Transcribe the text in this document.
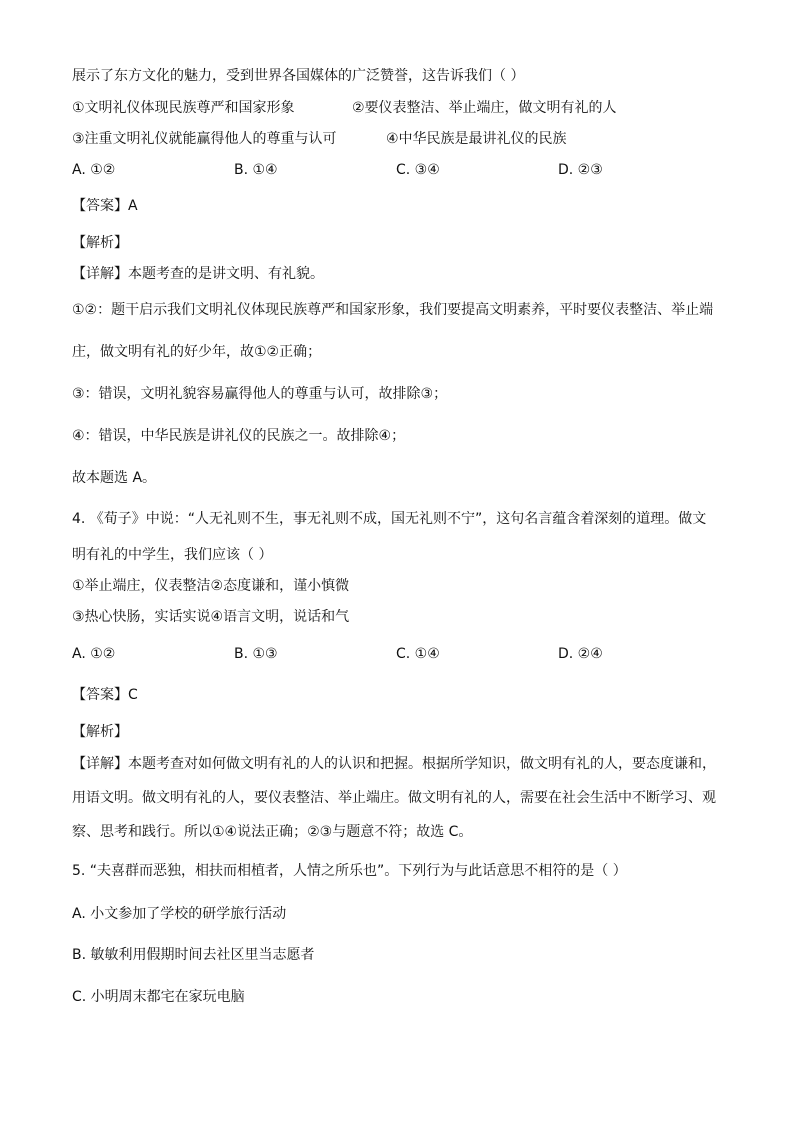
展示了东方文化的魅力，受到世界各国媒体的广泛赞誉，这告诉我们（ ）
①文明礼仪体现民族尊严和国家形象	②要仪表整洁、举止端庄，做文明有礼的人
③注重文明礼仪就能赢得他人的尊重与认可	④中华民族是最讲礼仪的民族
A. ①②	B. ①④	C. ③④	D. ②③
【答案】A
【解析】
【详解】本题考查的是讲文明、有礼貌。
①②：题干启示我们文明礼仪体现民族尊严和国家形象，我们要提高文明素养，平时要仪表整洁、举止端
庄，做文明有礼的好少年，故①②正确；
③：错误，文明礼貌容易赢得他人的尊重与认可，故排除③；
④：错误，中华民族是讲礼仪的民族之一。故排除④；
故本题选 A。
4. 《荀子》中说：“人无礼则不生，事无礼则不成，国无礼则不宁”，这句名言蕴含着深刻的道理。做文
明有礼的中学生，我们应该（ ）
①举止端庄，仪表整洁②态度谦和，谨小慎微
③热心快肠，实话实说④语言文明，说话和气
A. ①②	B. ①③	C. ①④	D. ②④
【答案】C
【解析】
【详解】本题考查对如何做文明有礼的人的认识和把握。根据所学知识，做文明有礼的人，要态度谦和，
用语文明。做文明有礼的人，要仪表整洁、举止端庄。做文明有礼的人，需要在社会生活中不断学习、观
察、思考和践行。所以①④说法正确；②③与题意不符；故选 C。
5. “夫喜群而恶独，相扶而相植者，人情之所乐也”。下列行为与此话意思不相符的是（ ）
A. 小文参加了学校的研学旅行活动
B. 敏敏利用假期时间去社区里当志愿者
C. 小明周末都宅在家玩电脑
